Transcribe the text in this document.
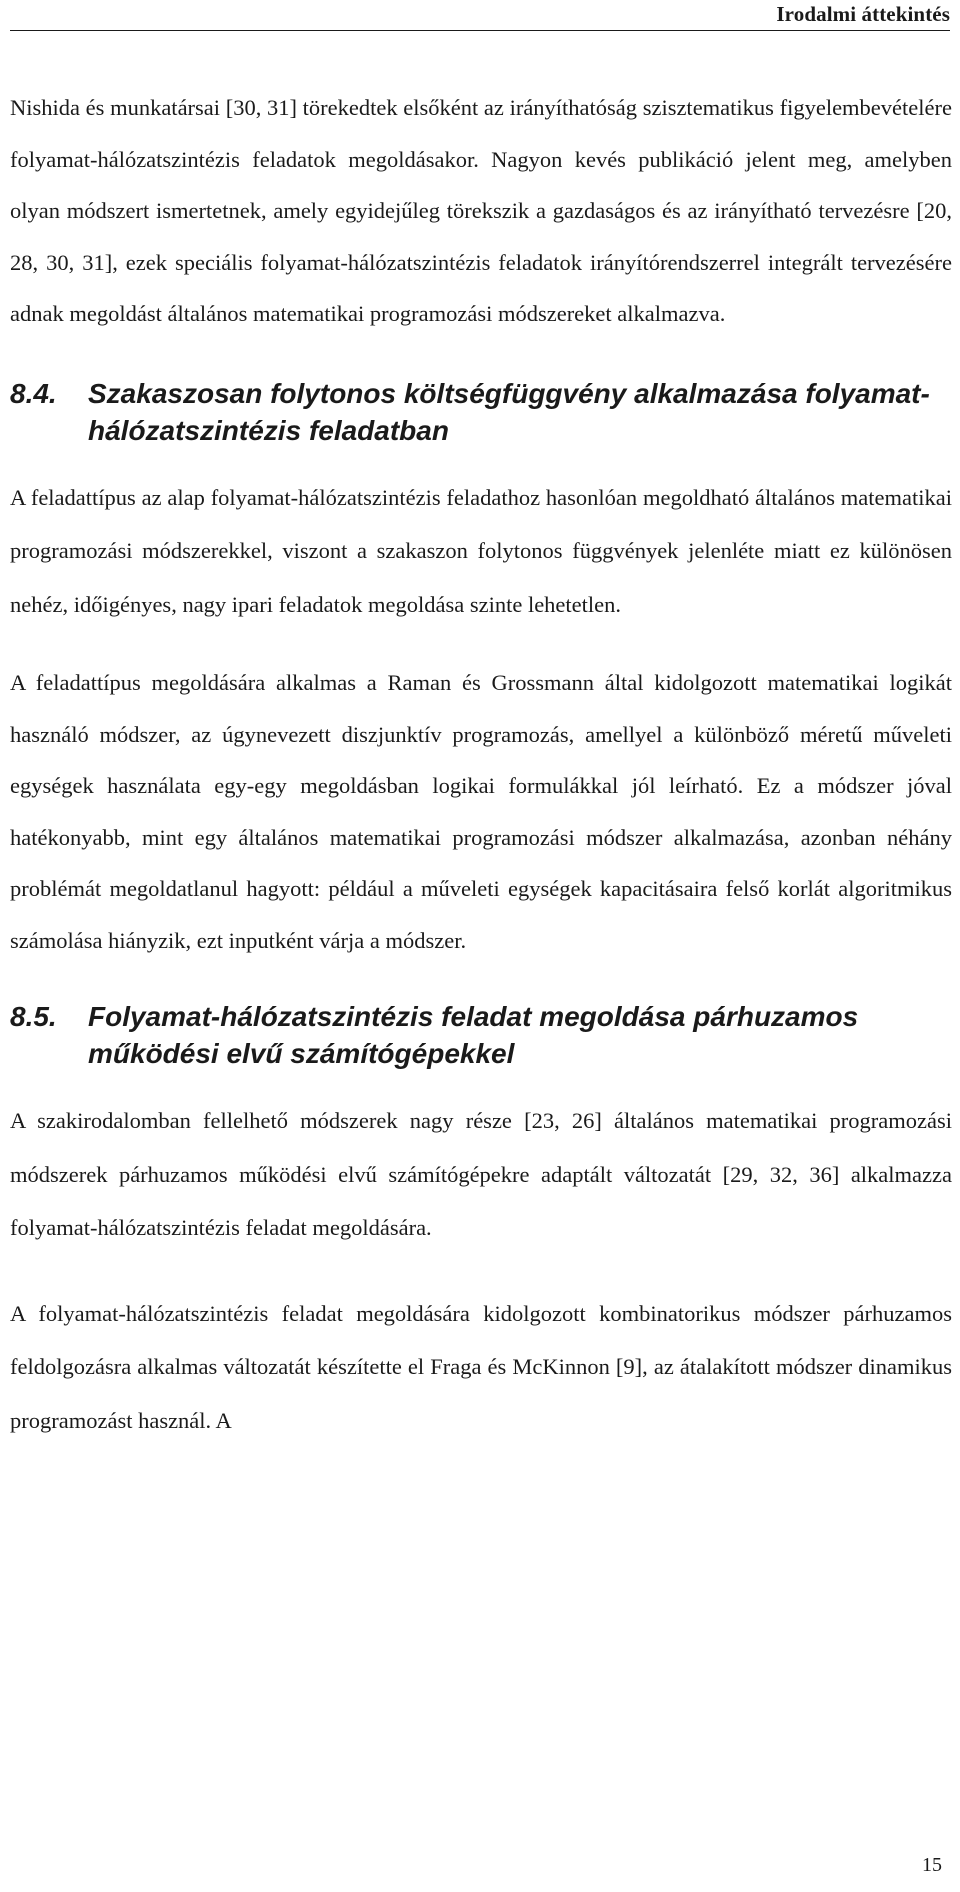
Irodalmi áttekintés

Nishida és munkatársai [30, 31] törekedtek elsőként az irányíthatóság szisztematikus figyelembevételére folyamat-hálózatszintézis feladatok megoldásakor. Nagyon kevés publikáció jelent meg, amelyben olyan módszert ismertetnek, amely egyidejűleg törekszik a gazdaságos és az irányítható tervezésre [20, 28, 30, 31], ezek speciális folyamat-hálózatszintézis feladatok irányítórendszerrel integrált tervezésére adnak megoldást általános matematikai programozási módszereket alkalmazva.

8.4.	Szakaszosan folytonos költségfüggvény alkalmazása folyamat-hálózatszintézis feladatban

A feladattípus az alap folyamat-hálózatszintézis feladathoz hasonlóan megoldható általános matematikai programozási módszerekkel, viszont a szakaszon folytonos függvények jelenléte miatt ez különösen nehéz, időigényes, nagy ipari feladatok megoldása szinte lehetetlen.

A feladattípus megoldására alkalmas a Raman és Grossmann által kidolgozott matematikai logikát használó módszer, az úgynevezett diszjunktív programozás, amellyel a különböző méretű műveleti egységek használata egy-egy megoldásban logikai formulákkal jól leírható. Ez a módszer jóval hatékonyabb, mint egy általános matematikai programozási módszer alkalmazása, azonban néhány problémát megoldatlanul hagyott: például a műveleti egységek kapacitásaira felső korlát algoritmikus számolása hiányzik, ezt inputként várja a módszer.

8.5.	Folyamat-hálózatszintézis feladat megoldása párhuzamos működési elvű számítógépekkel

A szakirodalomban fellelhető módszerek nagy része [23, 26] általános matematikai programozási módszerek párhuzamos működési elvű számítógépekre adaptált változatát [29, 32, 36] alkalmazza folyamat-hálózatszintézis feladat megoldására.

A folyamat-hálózatszintézis feladat megoldására kidolgozott kombinatorikus módszer párhuzamos feldolgozásra alkalmas változatát készítette el Fraga és McKinnon [9], az átalakított módszer dinamikus programozást használ. A

15
